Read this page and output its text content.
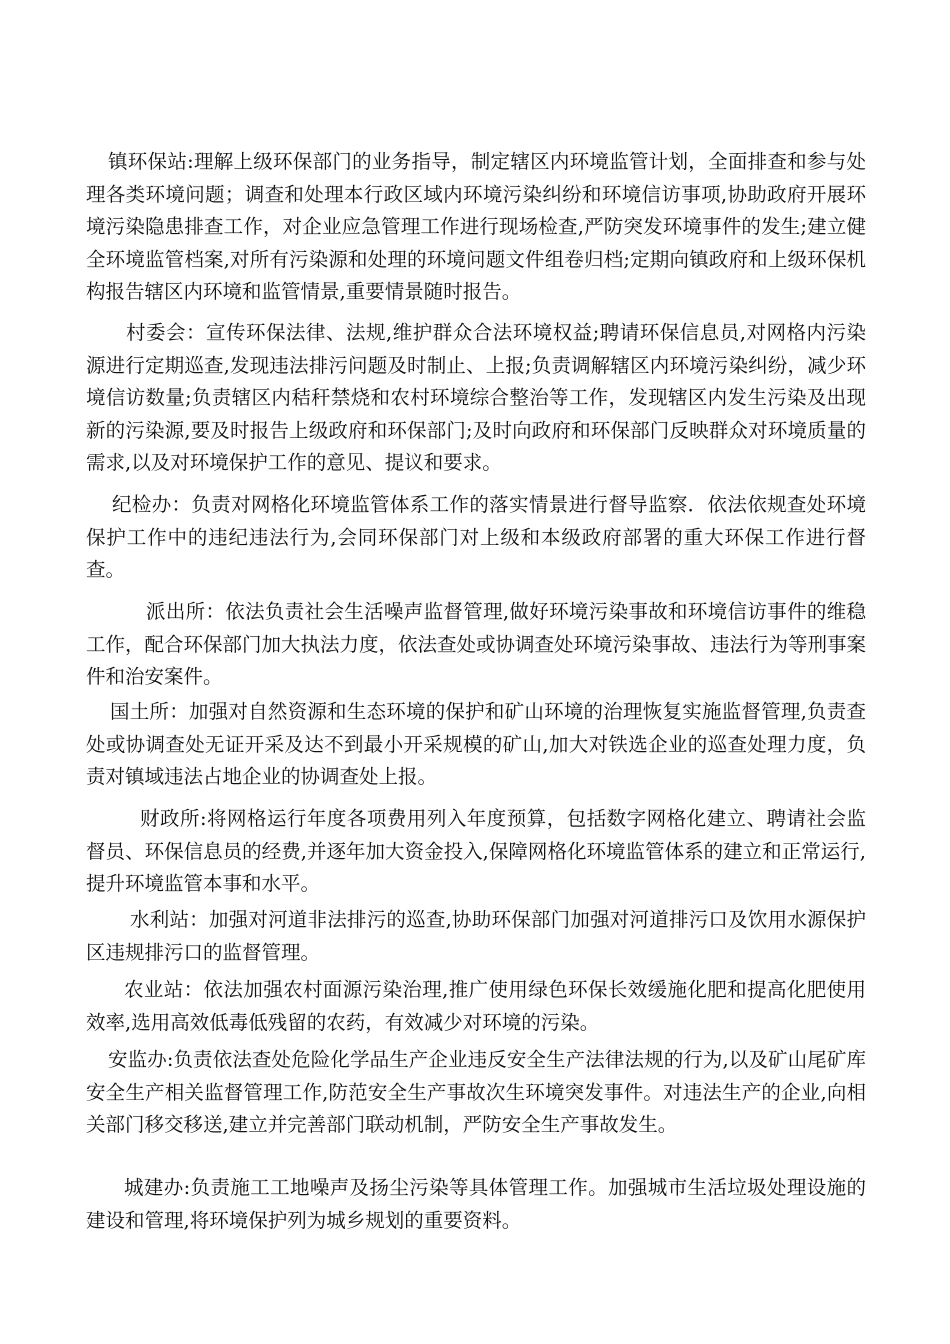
镇环保站:理解上级环保部门的业务指导，制定辖区内环境监管计划，全面排查和参与处理各类环境问题；调查和处理本行政区域内环境污染纠纷和环境信访事项,协助政府开展环境污染隐患排查工作，对企业应急管理工作进行现场检查,严防突发环境事件的发生;建立健全环境监管档案,对所有污染源和处理的环境问题文件组卷归档;定期向镇政府和上级环保机构报告辖区内环境和监管情景,重要情景随时报告。

村委会：宣传环保法律、法规,维护群众合法环境权益;聘请环保信息员,对网格内污染源进行定期巡查,发现违法排污问题及时制止、上报;负责调解辖区内环境污染纠纷，减少环境信访数量;负责辖区内秸秆禁烧和农村环境综合整治等工作，发现辖区内发生污染及出现新的污染源,要及时报告上级政府和环保部门;及时向政府和环保部门反映群众对环境质量的需求,以及对环境保护工作的意见、提议和要求。

纪检办：负责对网格化环境监管体系工作的落实情景进行督导监察．依法依规查处环境保护工作中的违纪违法行为,会同环保部门对上级和本级政府部署的重大环保工作进行督查。

派出所：依法负责社会生活噪声监督管理,做好环境污染事故和环境信访事件的维稳工作，配合环保部门加大执法力度，依法查处或协调查处环境污染事故、违法行为等刑事案件和治安案件。

国土所：加强对自然资源和生态环境的保护和矿山环境的治理恢复实施监督管理,负责查处或协调查处无证开采及达不到最小开采规模的矿山,加大对铁选企业的巡查处理力度，负责对镇域违法占地企业的协调查处上报。

财政所:将网格运行年度各项费用列入年度预算，包括数字网格化建立、聘请社会监督员、环保信息员的经费,并逐年加大资金投入,保障网格化环境监管体系的建立和正常运行,提升环境监管本事和水平。

水利站：加强对河道非法排污的巡查,协助环保部门加强对河道排污口及饮用水源保护区违规排污口的监督管理。

农业站：依法加强农村面源污染治理,推广使用绿色环保长效缓施化肥和提高化肥使用效率,选用高效低毒低残留的农药，有效减少对环境的污染。

安监办:负责依法查处危险化学品生产企业违反安全生产法律法规的行为,以及矿山尾矿库安全生产相关监督管理工作,防范安全生产事故次生环境突发事件。对违法生产的企业,向相关部门移交移送,建立并完善部门联动机制，严防安全生产事故发生。

城建办:负责施工工地噪声及扬尘污染等具体管理工作。加强城市生活垃圾处理设施的建设和管理,将环境保护列为城乡规划的重要资料。
